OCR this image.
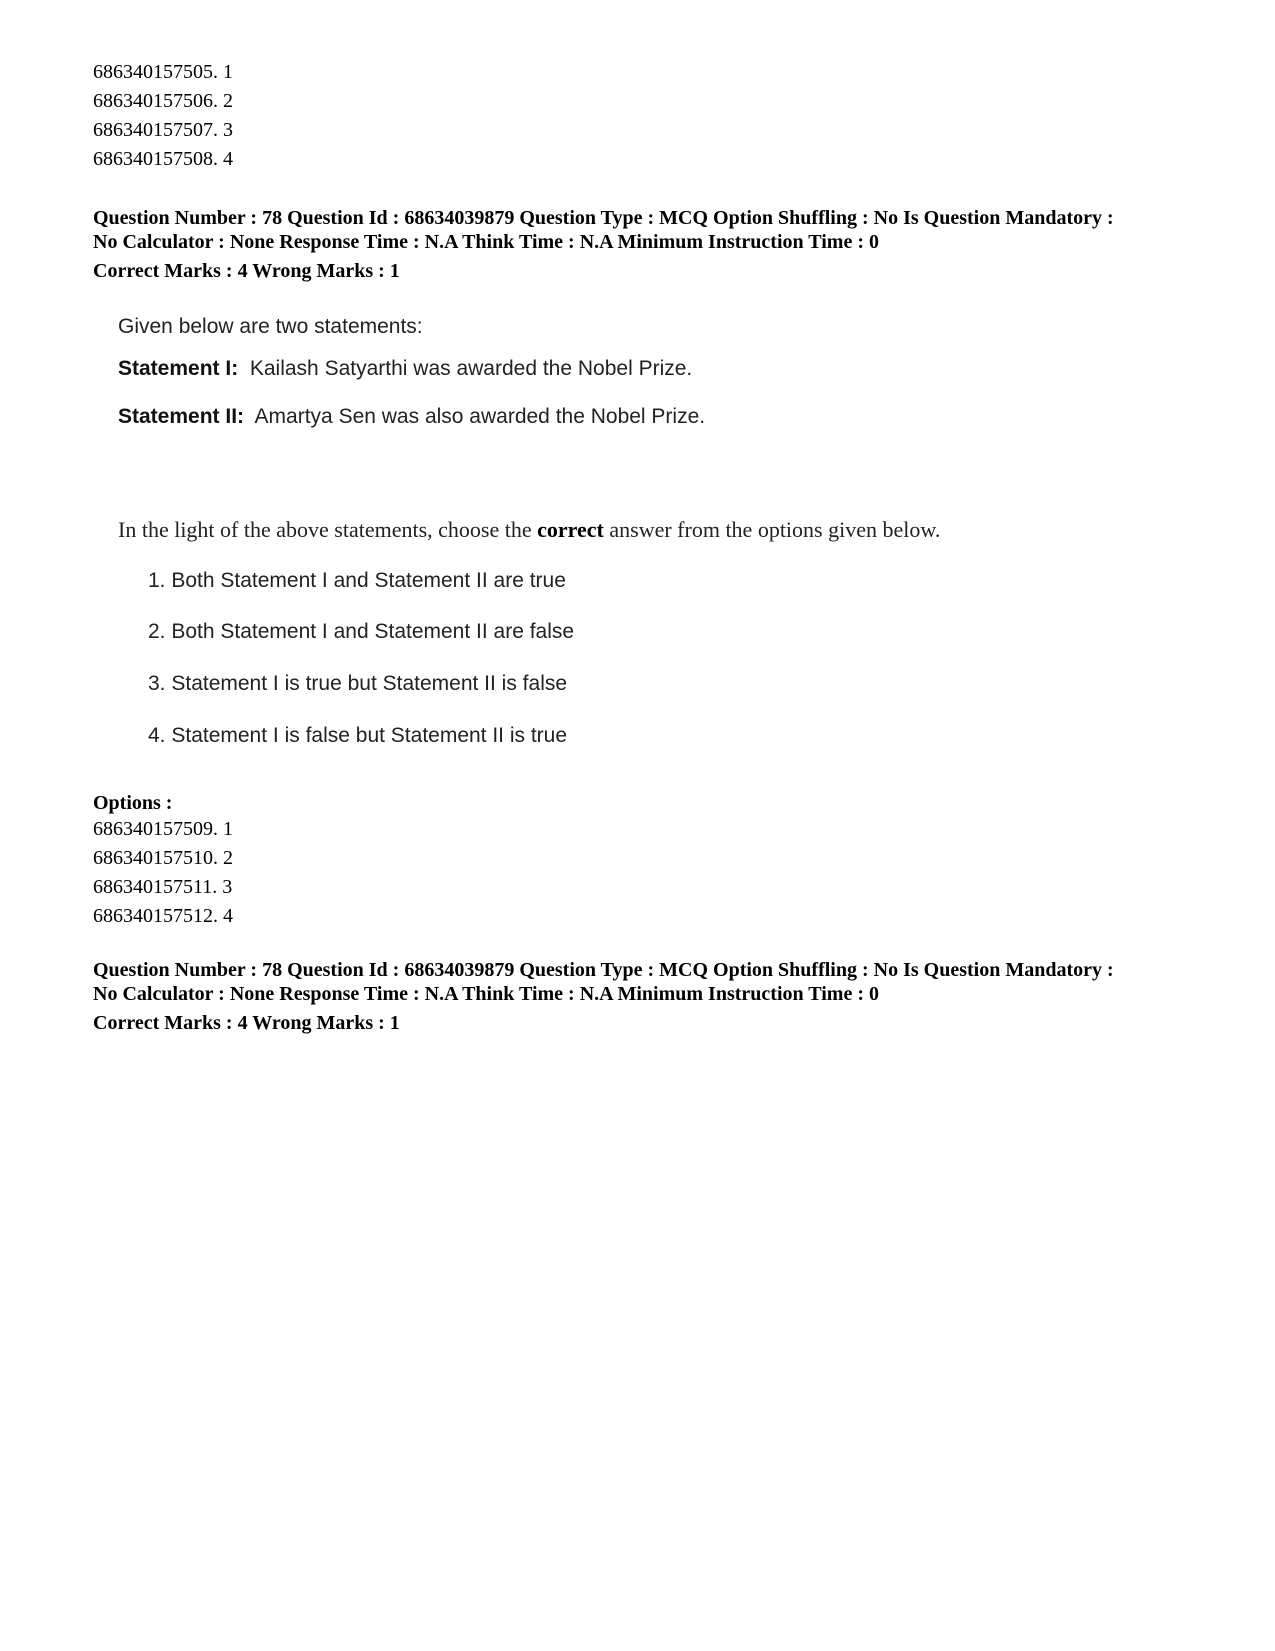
686340157505. 1
686340157506. 2
686340157507. 3
686340157508. 4
Question Number : 78 Question Id : 68634039879 Question Type : MCQ Option Shuffling : No Is Question Mandatory :
No Calculator : None Response Time : N.A Think Time : N.A Minimum Instruction Time : 0
Correct Marks : 4 Wrong Marks : 1
Given below are two statements:
Statement I: Kailash Satyarthi was awarded the Nobel Prize.
Statement II: Amartya Sen was also awarded the Nobel Prize.
In the light of the above statements, choose the correct answer from the options given below.
1. Both Statement I and Statement II are true
2. Both Statement I and Statement II are false
3. Statement I is true but Statement II is false
4. Statement I is false but Statement II is true
Options :
686340157509. 1
686340157510. 2
686340157511. 3
686340157512. 4
Question Number : 78 Question Id : 68634039879 Question Type : MCQ Option Shuffling : No Is Question Mandatory :
No Calculator : None Response Time : N.A Think Time : N.A Minimum Instruction Time : 0
Correct Marks : 4 Wrong Marks : 1
